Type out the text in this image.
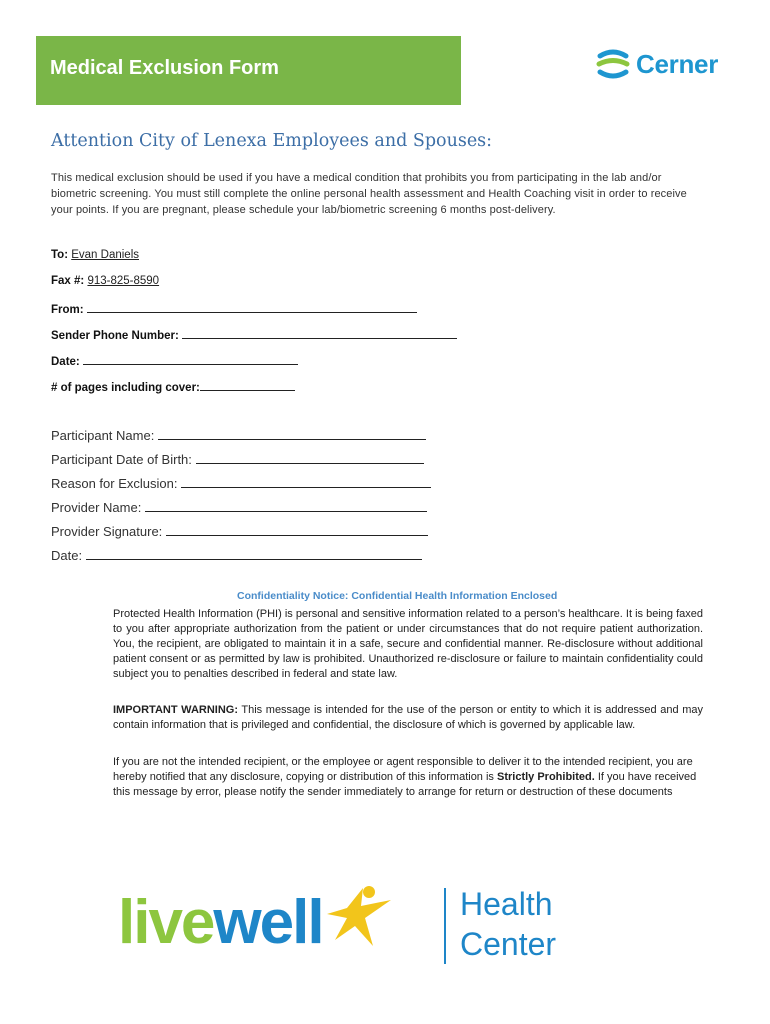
Medical Exclusion Form	Cerner
Attention City of Lenexa Employees and Spouses:
This medical exclusion should be used if you have a medical condition that prohibits you from participating in the lab and/or biometric screening. You must still complete the online personal health assessment and Health Coaching visit in order to receive your points. If you are pregnant, please schedule your lab/biometric screening 6 months post-delivery.
To: Evan Daniels
Fax #: 913-825-8590
From:
Sender Phone Number:
Date:
# of pages including cover:
Participant Name:
Participant Date of Birth:
Reason for Exclusion:
Provider Name:
Provider Signature:
Date:
Confidentiality Notice: Confidential Health Information Enclosed
Protected Health Information (PHI) is personal and sensitive information related to a person’s healthcare. It is being faxed to you after appropriate authorization from the patient or under circumstances that do not require patient authorization. You, the recipient, are obligated to maintain it in a safe, secure and confidential manner. Re-disclosure without additional patient consent or as permitted by law is prohibited. Unauthorized re-disclosure or failure to maintain confidentiality could subject you to penalties described in federal and state law.
IMPORTANT WARNING: This message is intended for the use of the person or entity to which it is addressed and may contain information that is privileged and confidential, the disclosure of which is governed by applicable law.
If you are not the intended recipient, or the employee or agent responsible to deliver it to the intended recipient, you are hereby notified that any disclosure, copying or distribution of this information is Strictly Prohibited. If you have received this message by error, please notify the sender immediately to arrange for return or destruction of these documents
live well	Health
Center
